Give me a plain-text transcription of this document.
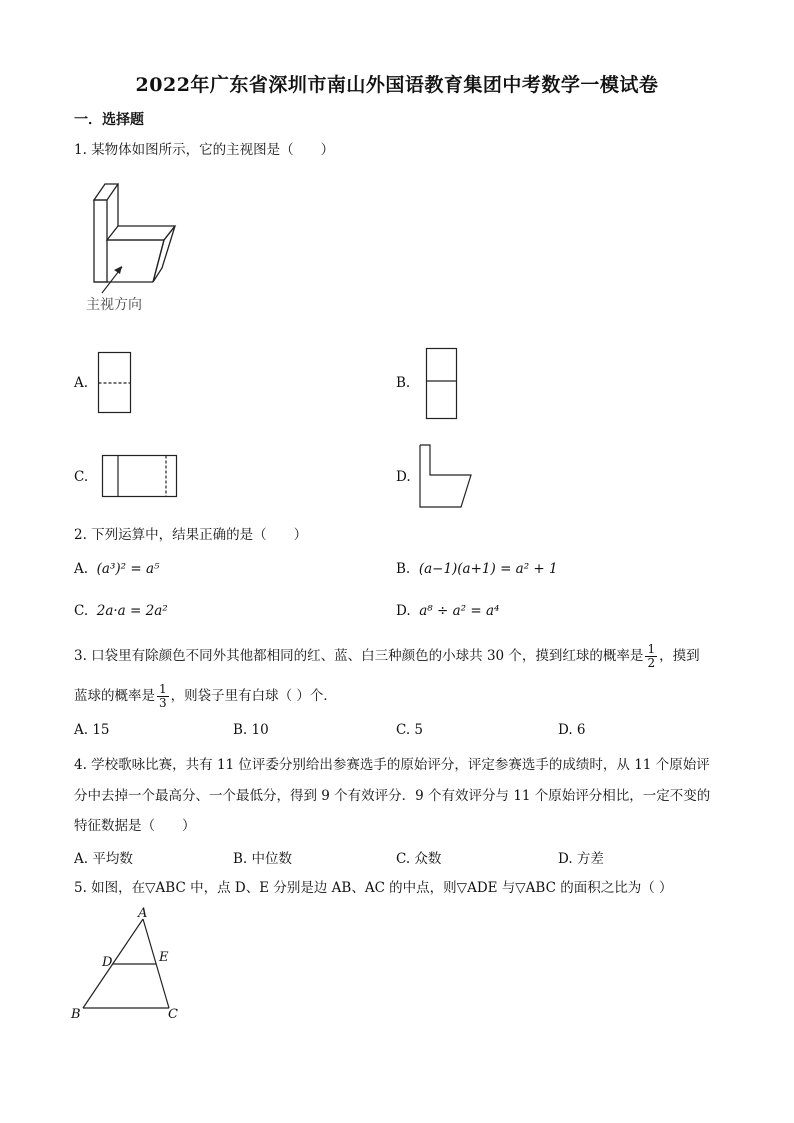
2022年广东省深圳市南山外国语教育集团中考数学一模试卷
一．选择题
1. 某物体如图所示，它的主视图是（　　）
主视方向
A.	B.
C.	D.
2. 下列运算中，结果正确的是（　　）
A. (a³)² = a⁵	B. (a−1)(a+1) = a² + 1
C. 2a·a = 2a²	D. a⁸ ÷ a² = a⁴
3. 口袋里有除颜色不同外其他都相同的红、蓝、白三种颜色的小球共 30 个，摸到红球的概率是 $\frac{1}{2}$ ，摸到
蓝球的概率是 $\frac{1}{3}$ ，则袋子里有白球（ ）个．
A. 15	B. 10	C. 5	D. 6
4. 学校歌咏比赛，共有 11 位评委分别给出参赛选手的原始评分，评定参赛选手的成绩时，从 11 个原始评
分中去掉一个最高分、一个最低分，得到 9 个有效评分．9 个有效评分与 11 个原始评分相比，一定不变的
特征数据是（　　）
A. 平均数	B. 中位数	C. 众数	D. 方差
5. 如图，在▽ABC 中，点 D、E 分别是边 AB、AC 的中点，则▽ADE 与▽ABC 的面积之比为（ ）
A
B	C
D	E
